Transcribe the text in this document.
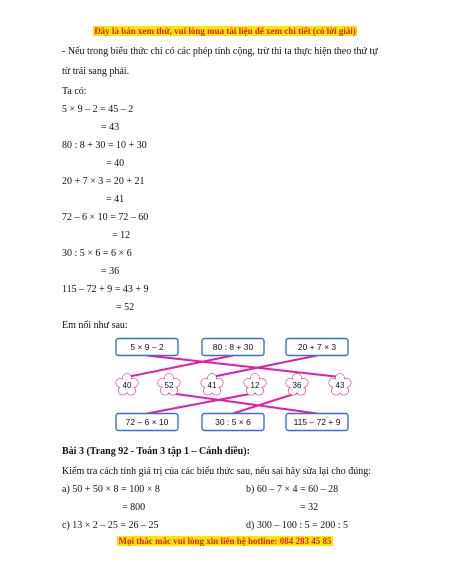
Đây là bản xem thử, vui lòng mua tài liệu để xem chi tiết (có lời giải)
- Nếu trong biểu thức chỉ có các phép tính cộng, trừ thì ta thực hiện theo thứ tự
từ trái sang phải.
Ta có:
5 × 9 – 2 = 45 – 2
= 43
80 : 8 + 30 = 10 + 30
= 40
20 + 7 × 3 = 20 + 21
= 41
72 – 6 × 10 = 72 – 60
= 12
30 : 5 × 6 = 6 × 6
= 36
115 – 72 + 9 = 43 + 9
= 52
Em nối như sau:
5 × 9 – 2	80 : 8 + 30	20 + 7 × 3
40	52	41	12	36	43
72 – 6 × 10	30 : 5 × 6	115 – 72 + 9
Bài 3 (Trang 92 - Toán 3 tập 1 – Cánh diều):
Kiểm tra cách tính giá trị của các biểu thức sau, nếu sai hãy sửa lại cho đúng:
a) 50 + 50 × 8 = 100 × 8
= 800
b) 60 – 7 × 4 = 60 – 28
= 32
c) 13 × 2 – 25 = 26 – 25	d) 300 – 100 : 5 = 200 : 5
Mọi thắc mắc vui lòng xin liên hệ hotline: 084 283 45 85
